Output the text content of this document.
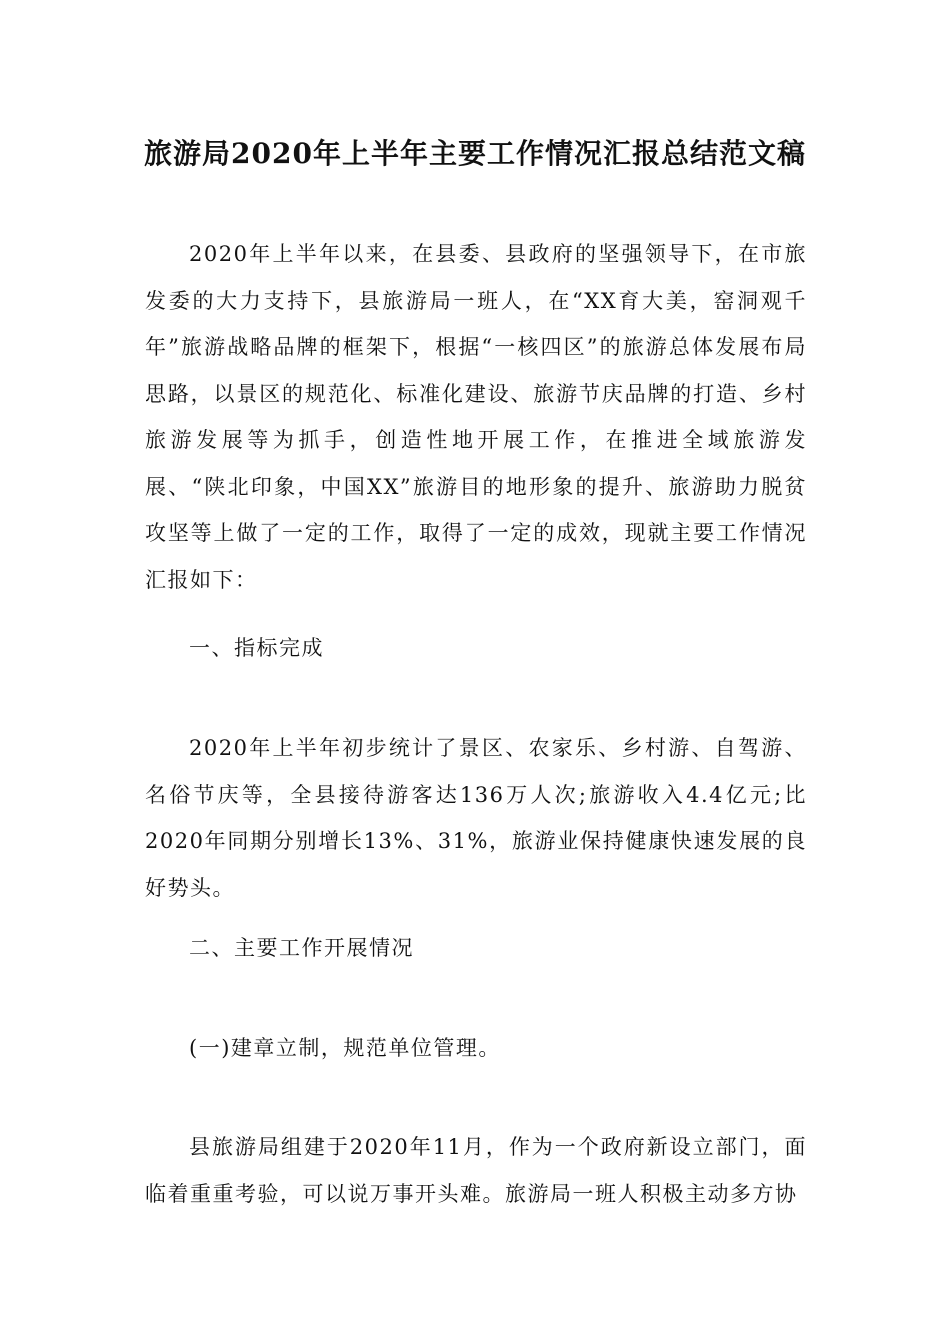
旅游局2020年上半年主要工作情况汇报总结范文稿

2020年上半年以来，在县委、县政府的坚强领导下，在市旅发委的大力支持下，县旅游局一班人，在“XX育大美，窑洞观千年”旅游战略品牌的框架下，根据“一核四区”的旅游总体发展布局思路，以景区的规范化、标准化建设、旅游节庆品牌的打造、乡村旅游发展等为抓手，创造性地开展工作，在推进全域旅游发展、“陕北印象，中国XX”旅游目的地形象的提升、旅游助力脱贫攻坚等上做了一定的工作，取得了一定的成效，现就主要工作情况汇报如下：

一、指标完成

2020年上半年初步统计了景区、农家乐、乡村游、自驾游、名俗节庆等，全县接待游客达136万人次;旅游收入4.4亿元;比2020年同期分别增长13%、31%，旅游业保持健康快速发展的良好势头。

二、主要工作开展情况

(一)建章立制，规范单位管理。

县旅游局组建于2020年11月，作为一个政府新设立部门，面临着重重考验，可以说万事开头难。旅游局一班人积极主动多方协
